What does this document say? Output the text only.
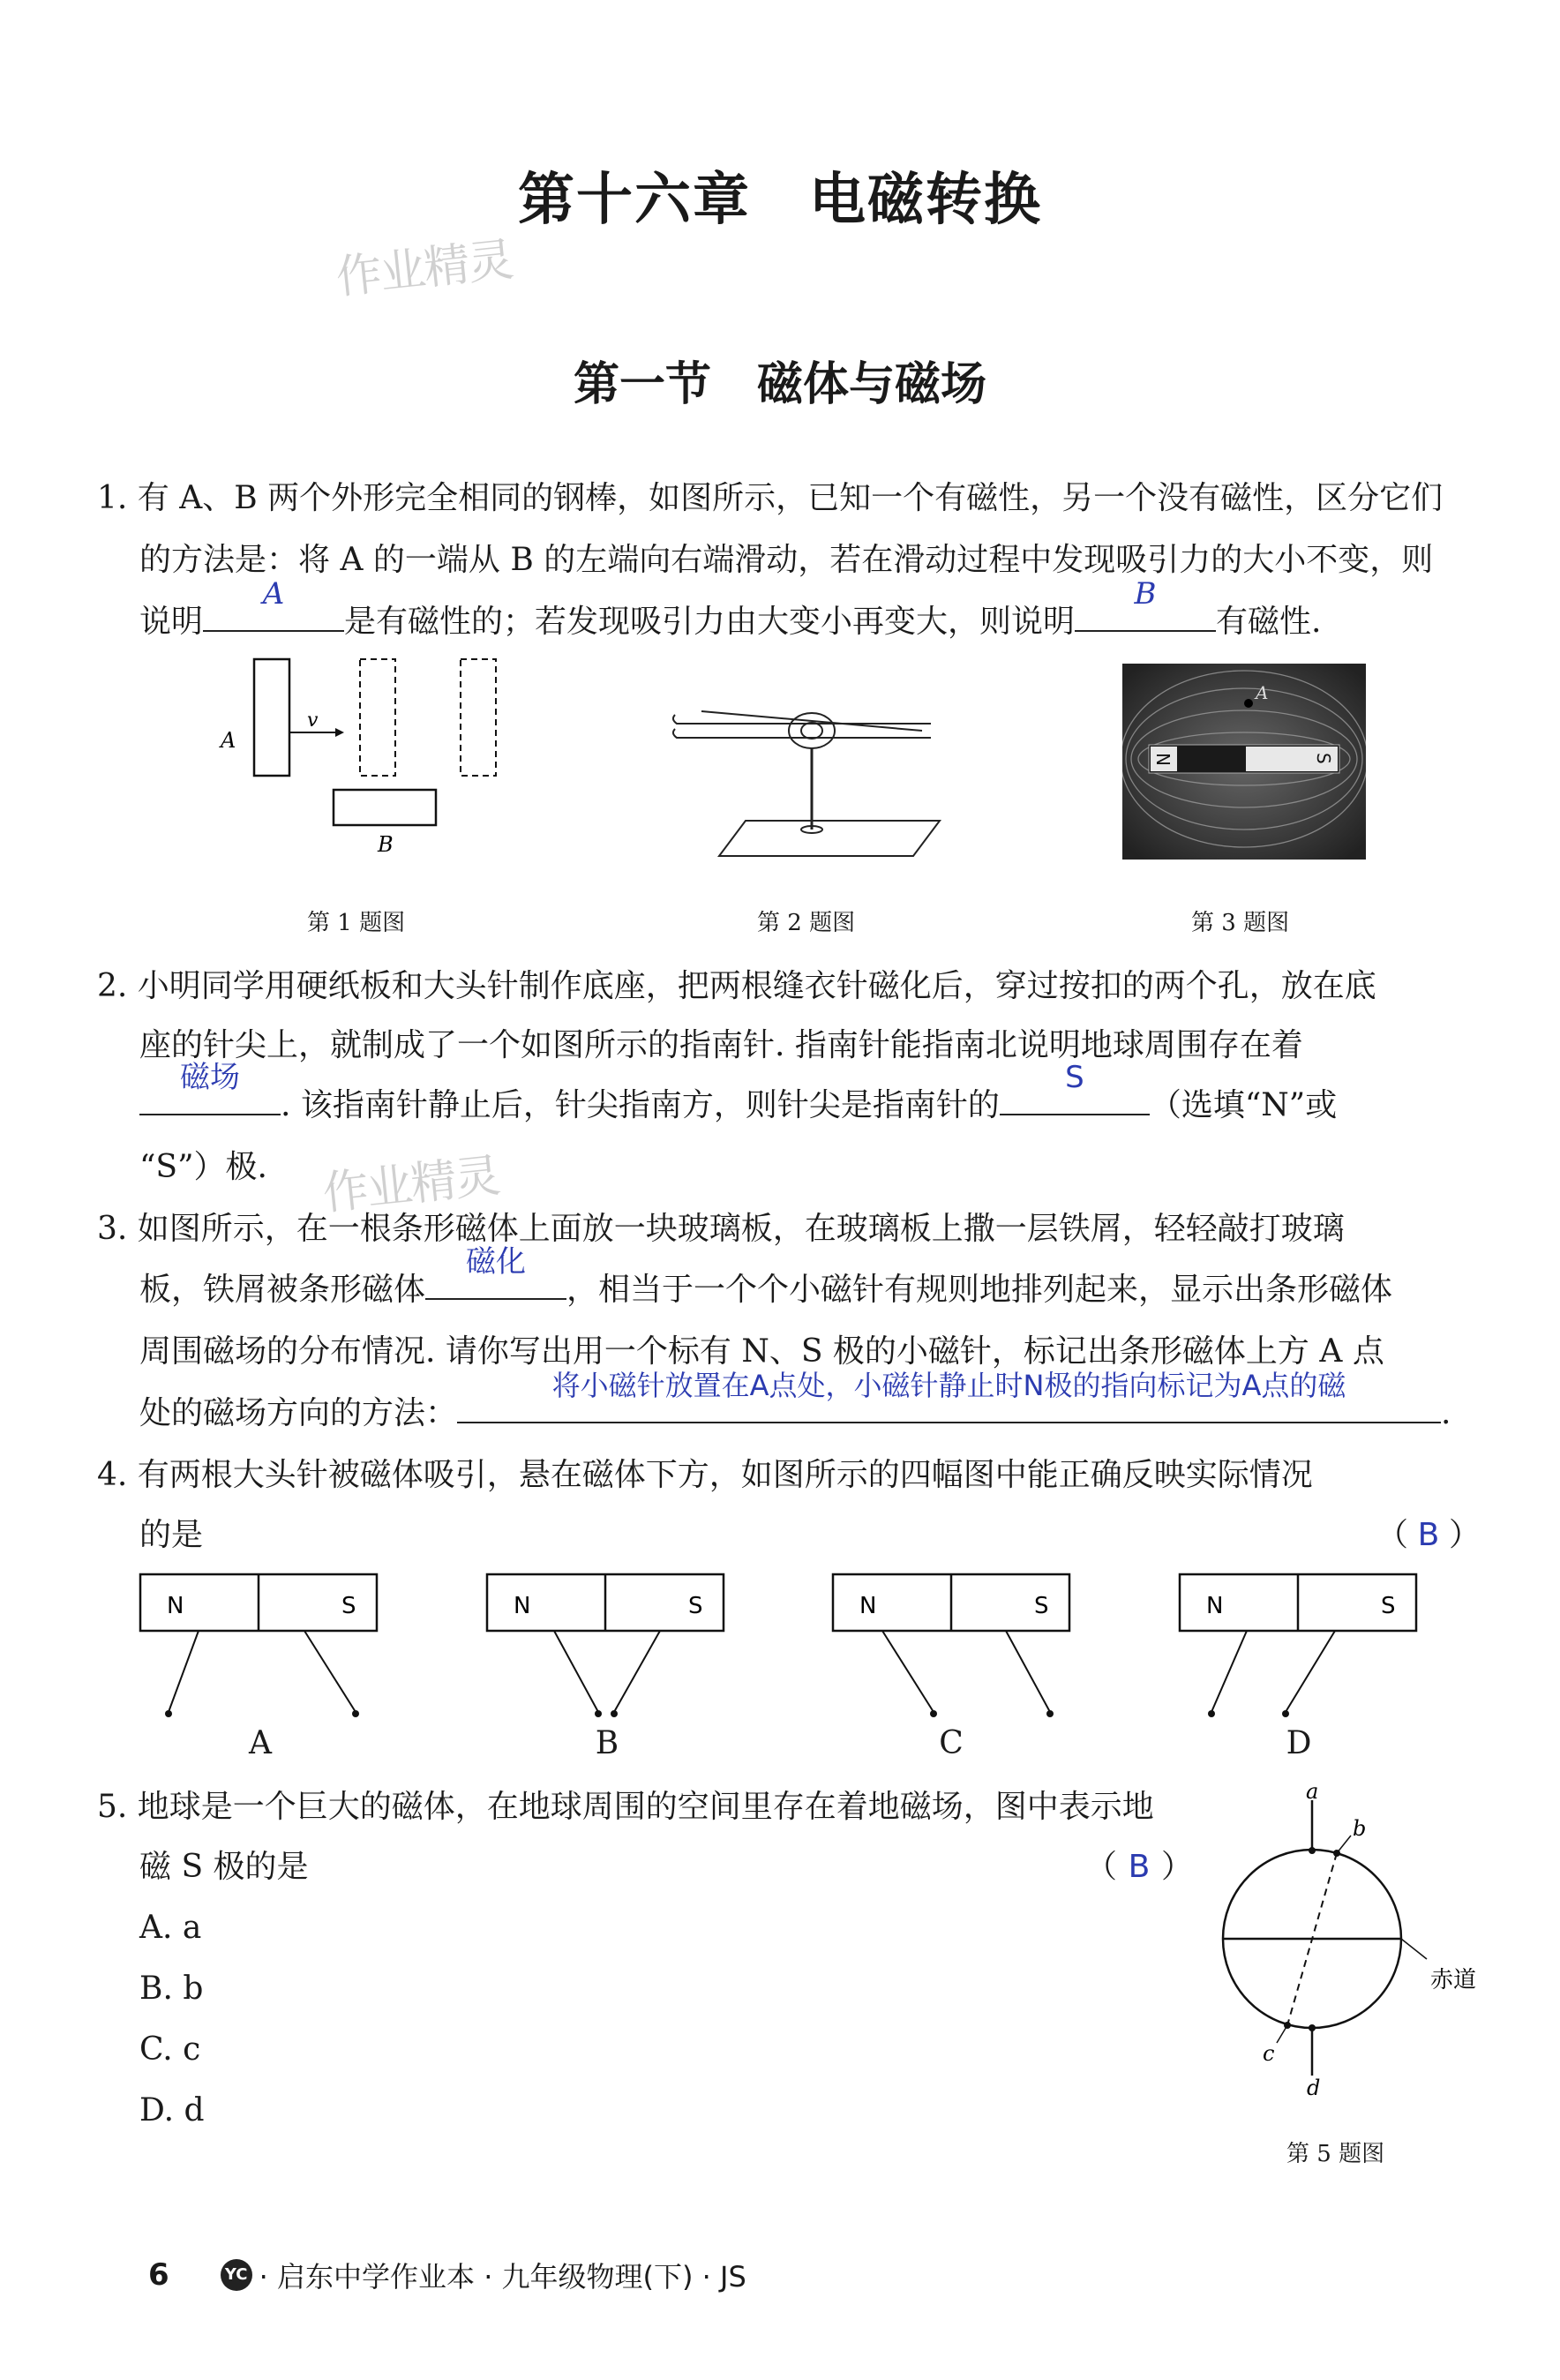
第十六章　电磁转换
作业精灵
第一节　磁体与磁场
1. 有 A、B 两个外形完全相同的钢棒，如图所示，已知一个有磁性，另一个没有磁性，区分它们
的方法是：将 A 的一端从 B 的左端向右端滑动，若在滑动过程中发现吸引力的大小不变，则
说明
A
是有磁性的；若发现吸引力由大变小再变大，则说明
B
有磁性.
A
v
B
第 1 题图	第 2 题图
N	S
A
第 3 题图
2. 小明同学用硬纸板和大头针制作底座，把两根缝衣针磁化后，穿过按扣的两个孔，放在底
座的针尖上，就制成了一个如图所示的指南针. 指南针能指南北说明地球周围存在着
磁场
. 该指南针静止后，针尖指南方，则针尖是指南针的
S
（选填“N”或
“S”）极. 作业精灵
3. 如图所示，在一根条形磁体上面放一块玻璃板，在玻璃板上撒一层铁屑，轻轻敲打玻璃
板，铁屑被条形磁体
磁化
，相当于一个个小磁针有规则地排列起来，显示出条形磁体
周围磁场的分布情况. 请你写出用一个标有 N、S 极的小磁针，标记出条形磁体上方 A 点
处的磁场方向的方法：
将小磁针放置在A点处，小磁针静止时N极的指向标记为A点的磁
.
4. 有两根大头针被磁体吸引，悬在磁体下方，如图所示的四幅图中能正确反映实际情况
的是	（ B ）
N	S
A
N	S
B
N	S
C
N	S
D
5. 地球是一个巨大的磁体，在地球周围的空间里存在着地磁场，图中表示地
磁 S 极的是	（ B ）
A. a
B. b
C. c
D. d
a
b
c
d
赤道
第 5 题图
6	YC · 启东中学作业本 · 九年级物理(下) · JS
